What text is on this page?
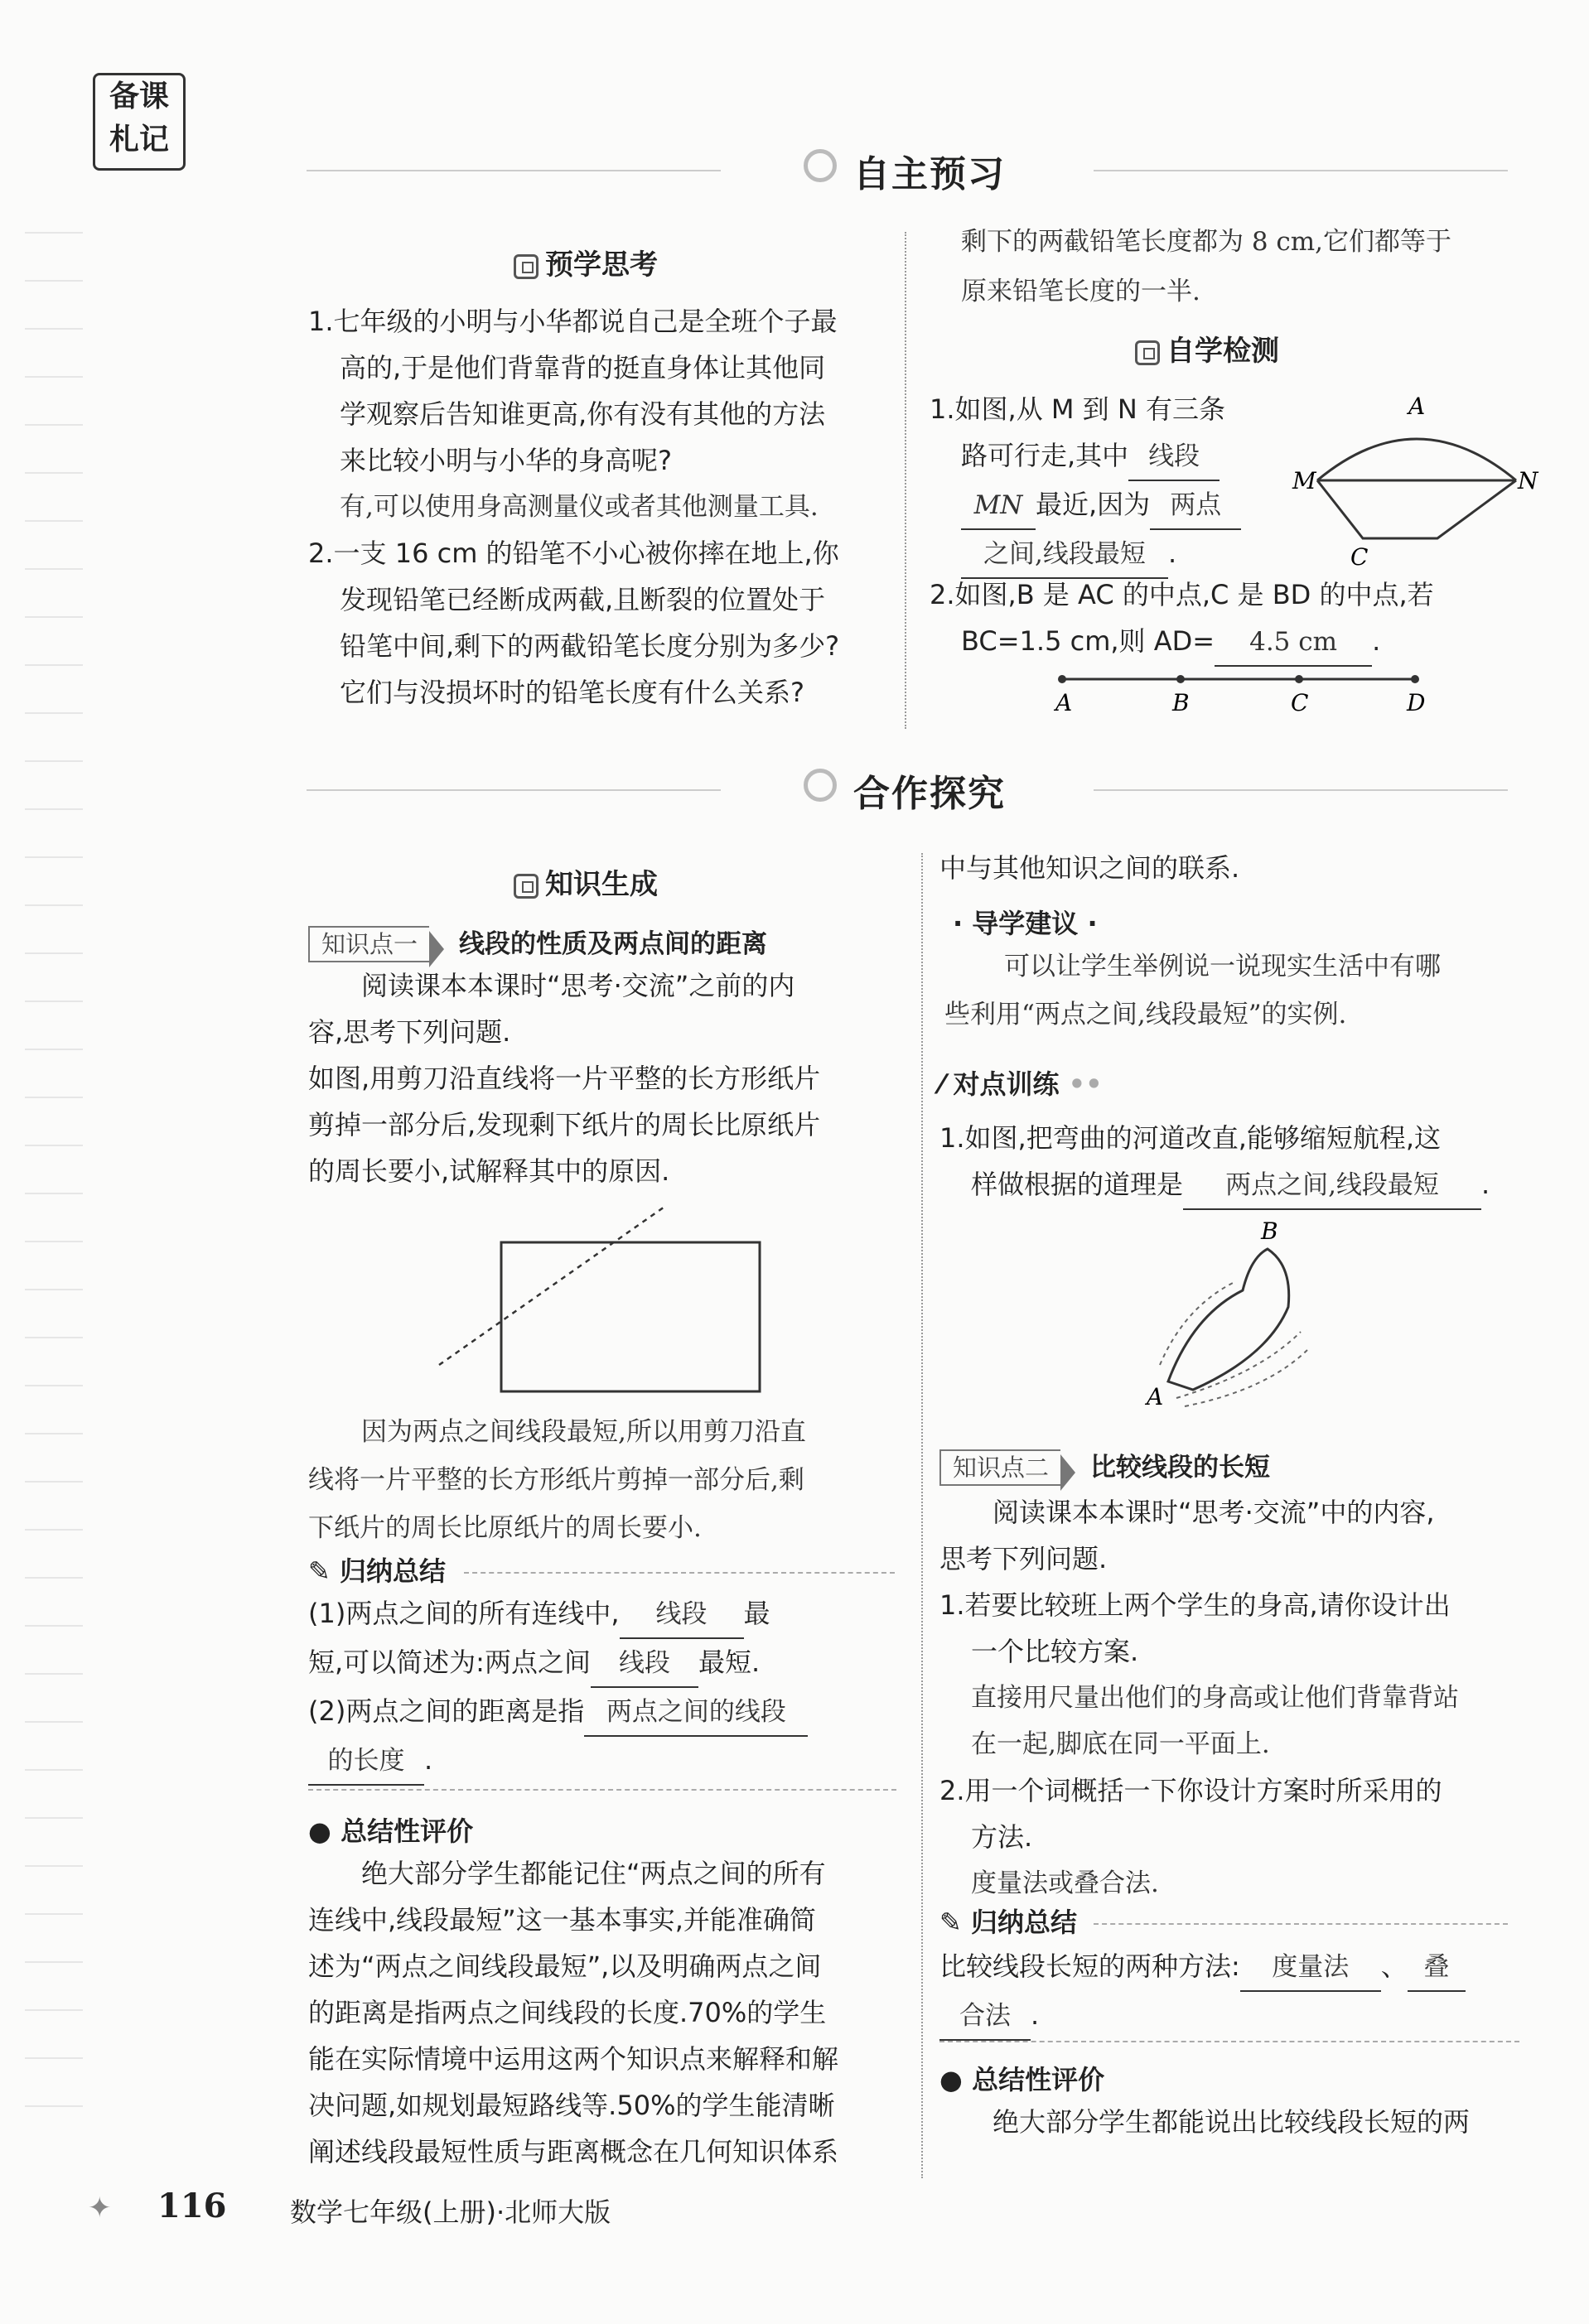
备课
札记
自主预习
预学思考
1.七年级的小明与小华都说自己是全班个子最
高的,于是他们背靠背的挺直身体让其他同
学观察后告知谁更高,你有没有其他的方法
来比较小明与小华的身高呢?
有,可以使用身高测量仪或者其他测量工具.
2.一支 16 cm 的铅笔不小心被你摔在地上,你
发现铅笔已经断成两截,且断裂的位置处于
铅笔中间,剩下的两截铅笔长度分别为多少?
它们与没损坏时的铅笔长度有什么关系?
剩下的两截铅笔长度都为 8 cm,它们都等于
原来铅笔长度的一半.
自学检测
1.如图,从 M 到 N 有三条
路可行走,其中 线段
MN 最近,因为 两点
之间,线段最短 .
A
M	N
C
2.如图,B 是 AC 的中点,C 是 BD 的中点,若
BC=1.5 cm,则 AD= 4.5 cm .
A	B	C	D
合作探究
知识生成
知识点一 线段的性质及两点间的距离
阅读课本本课时“思考·交流”之前的内
容,思考下列问题.
如图,用剪刀沿直线将一片平整的长方形纸片
剪掉一部分后,发现剩下纸片的周长比原纸片
的周长要小,试解释其中的原因.
因为两点之间线段最短,所以用剪刀沿直
线将一片平整的长方形纸片剪掉一部分后,剩
下纸片的周长比原纸片的周长要小.
✎ 归纳总结
(1)两点之间的所有连线中, 线段 最
短,可以简述为:两点之间 线段 最短.
(2)两点之间的距离是指 两点之间的线段
的长度 .
● 总结性评价
绝大部分学生都能记住“两点之间的所有
连线中,线段最短”这一基本事实,并能准确简
述为“两点之间线段最短”,以及明确两点之间
的距离是指两点之间线段的长度.70%的学生
能在实际情境中运用这两个知识点来解释和解
决问题,如规划最短路线等.50%的学生能清晰
阐述线段最短性质与距离概念在几何知识体系
中与其他知识之间的联系.
· 导学建议 ·
可以让学生举例说一说现实生活中有哪
些利用“两点之间,线段最短”的实例.
⁄ 对点训练 ••
1.如图,把弯曲的河道改直,能够缩短航程,这
样做根据的道理是 两点之间,线段最短 .
B
A
知识点二 比较线段的长短
阅读课本本课时“思考·交流”中的内容,
思考下列问题.
1.若要比较班上两个学生的身高,请你设计出
一个比较方案.
直接用尺量出他们的身高或让他们背靠背站
在一起,脚底在同一平面上.
2.用一个词概括一下你设计方案时所采用的
方法.
度量法或叠合法.
✎ 归纳总结
比较线段长短的两种方法: 度量法 、 叠
合法 .
● 总结性评价
绝大部分学生都能说出比较线段长短的两
✦ 116 数学七年级(上册)·北师大版
